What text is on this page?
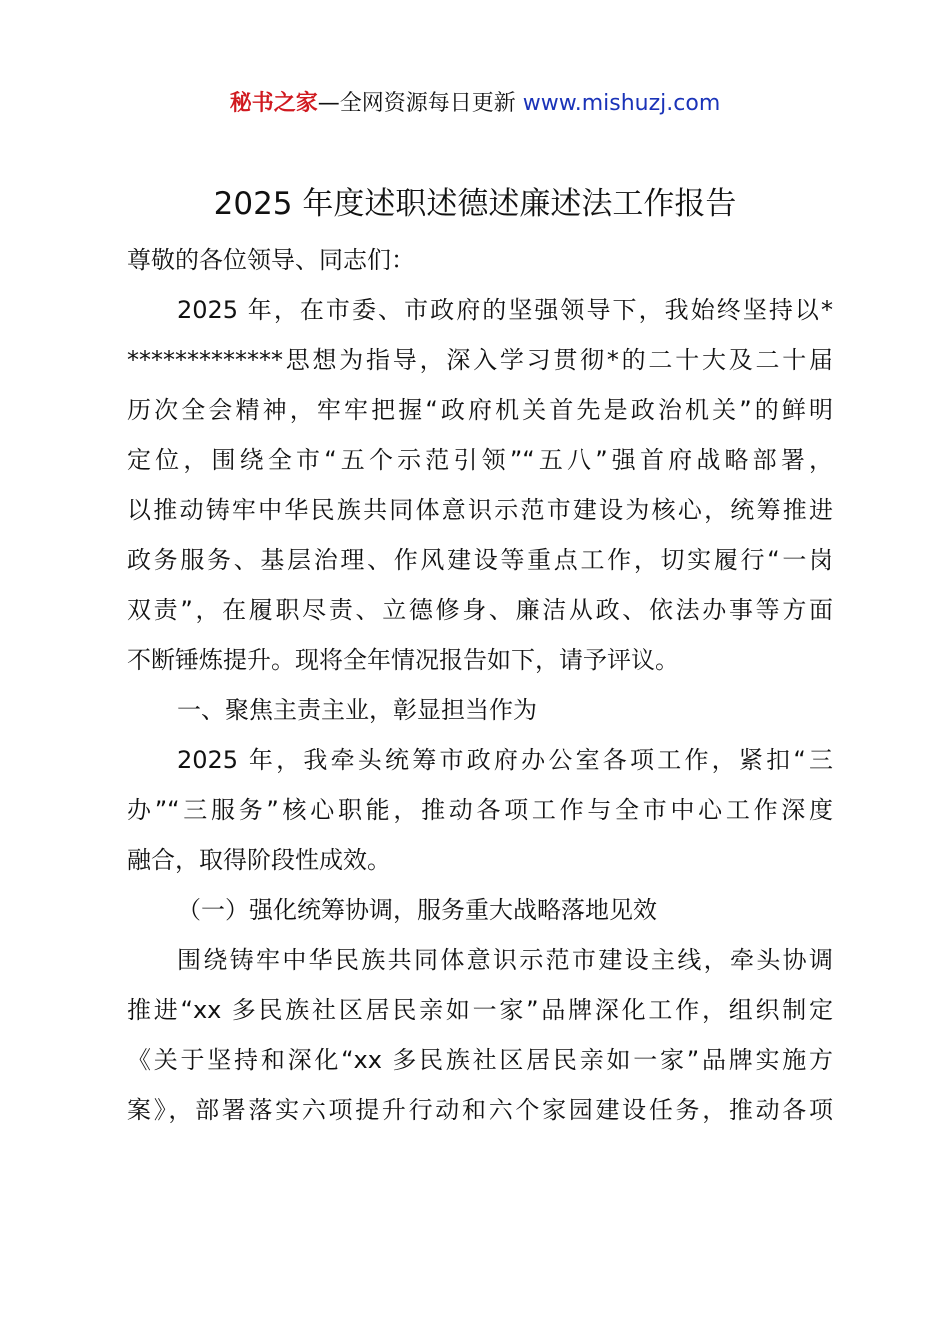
秘书之家—全网资源每日更新 www.mishuzj.com
2025 年度述职述德述廉述法工作报告

尊敬的各位领导、同志们：

2025 年，在市委、市政府的坚强领导下，我始终坚持以*
*************思想为指导，深入学习贯彻*的二十大及二十届
历次全会精神，牢牢把握“政府机关首先是政治机关”的鲜明
定位，围绕全市“五个示范引领”“五八”强首府战略部署，
以推动铸牢中华民族共同体意识示范市建设为核心，统筹推进
政务服务、基层治理、作风建设等重点工作，切实履行“一岗
双责”，在履职尽责、立德修身、廉洁从政、依法办事等方面
不断锤炼提升。现将全年情况报告如下，请予评议。

一、聚焦主责主业，彰显担当作为

2025 年，我牵头统筹市政府办公室各项工作，紧扣“三
办”“三服务”核心职能，推动各项工作与全市中心工作深度
融合，取得阶段性成效。

（一）强化统筹协调，服务重大战略落地见效

围绕铸牢中华民族共同体意识示范市建设主线，牵头协调
推进“xx 多民族社区居民亲如一家”品牌深化工作，组织制定
《关于坚持和深化“xx 多民族社区居民亲如一家”品牌实施方
案》，部署落实六项提升行动和六个家园建设任务，推动各项
